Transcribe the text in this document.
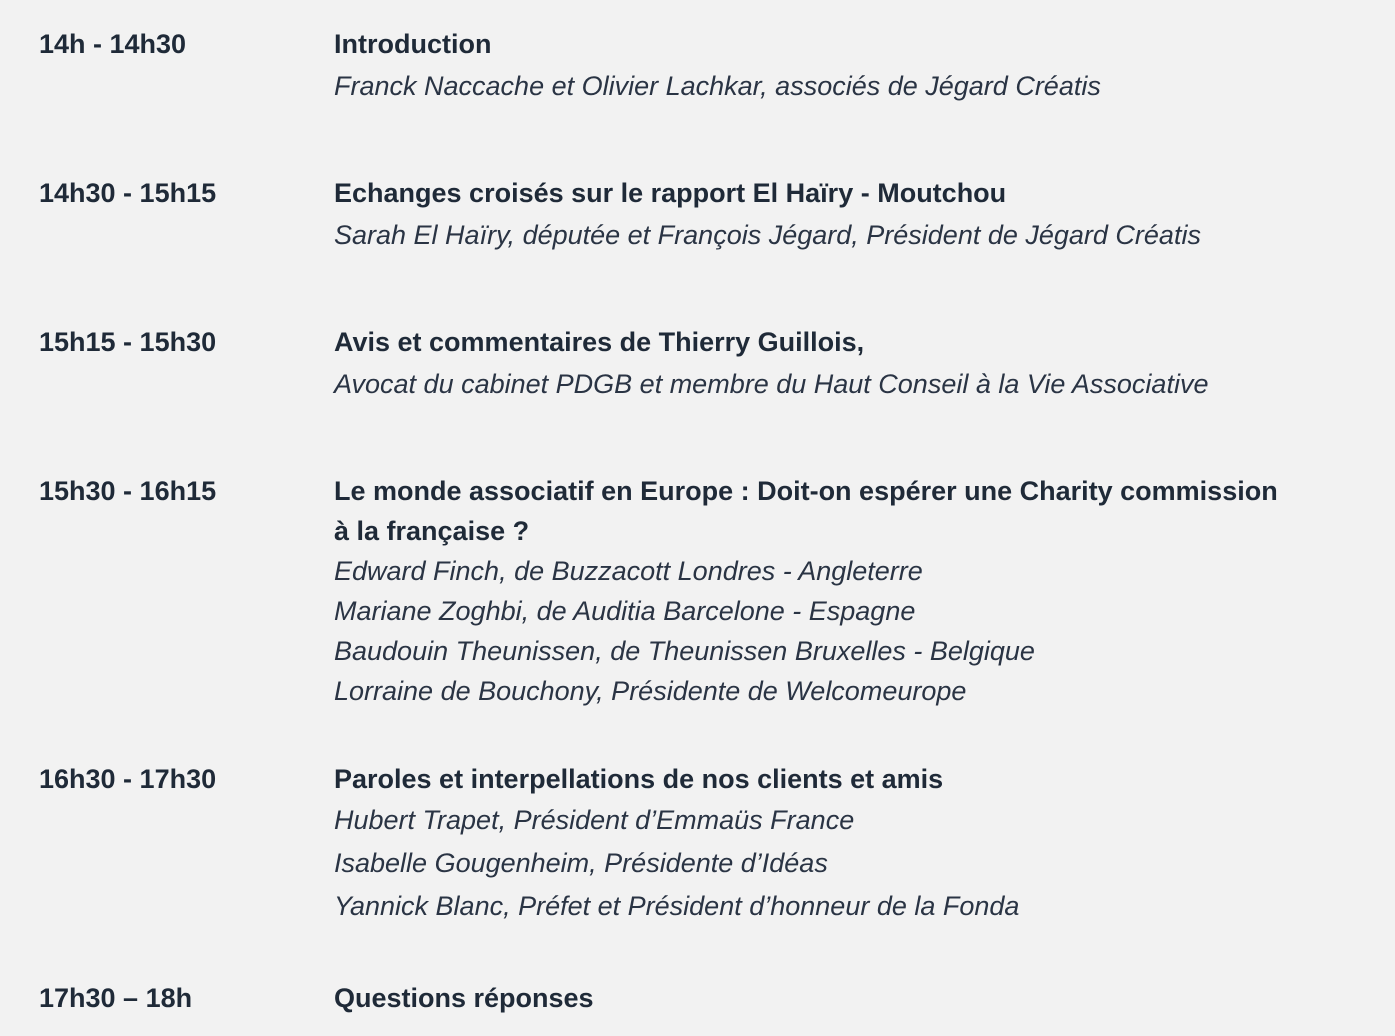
14h - 14h30	Introduction
Franck Naccache et Olivier Lachkar, associés de Jégard Créatis
14h30 - 15h15	Echanges croisés sur le rapport El Haïry - Moutchou
Sarah El Haïry, députée et François Jégard, Président de Jégard Créatis
15h15 - 15h30	Avis et commentaires de Thierry Guillois,
Avocat du cabinet PDGB et membre du Haut Conseil à la Vie Associative
15h30 - 16h15	Le monde associatif en Europe : Doit-on espérer une Charity commission
à la française ?
Edward Finch, de Buzzacott Londres - Angleterre
Mariane Zoghbi, de Auditia Barcelone - Espagne
Baudouin Theunissen, de Theunissen Bruxelles - Belgique
Lorraine de Bouchony, Présidente de Welcomeurope
16h30 - 17h30	Paroles et interpellations de nos clients et amis
Hubert Trapet, Président d’Emmaüs France
Isabelle Gougenheim, Présidente d’Idéas
Yannick Blanc, Préfet et Président d’honneur de la Fonda
17h30 – 18h	Questions réponses
